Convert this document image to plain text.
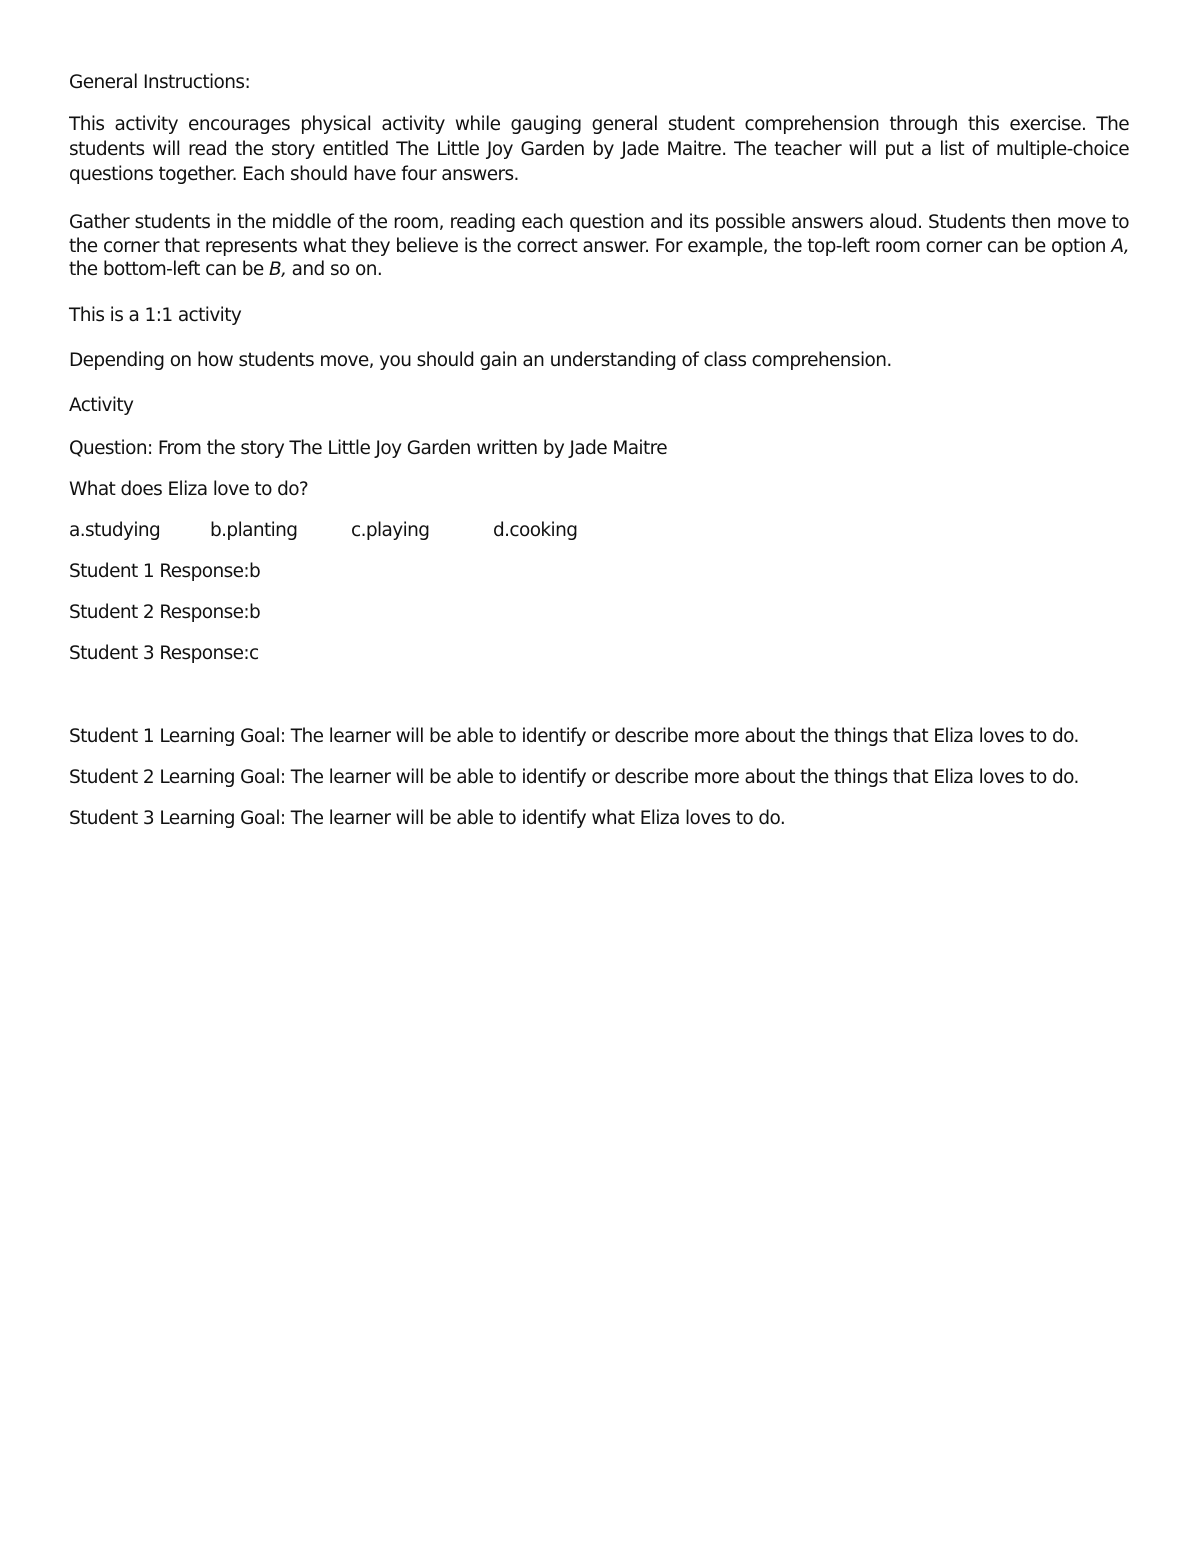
General Instructions:
This activity encourages physical activity while gauging general student comprehension through this exercise. The
students will read the story entitled The Little Joy Garden by Jade Maitre. The teacher will put a list of multiple-choice
questions together. Each should have four answers.
Gather students in the middle of the room, reading each question and its possible answers aloud. Students then move to
the corner that represents what they believe is the correct answer. For example, the top-left room corner can be option A,
the bottom-left can be B, and so on.
This is a 1:1 activity
Depending on how students move, you should gain an understanding of class comprehension.
Activity
Question: From the story The Little Joy Garden written by Jade Maitre
What does Eliza love to do?
a.studying	b.planting	c.playing	d.cooking
Student 1 Response:b
Student 2 Response:b
Student 3 Response:c
Student 1 Learning Goal: The learner will be able to identify or describe more about the things that Eliza loves to do.
Student 2 Learning Goal: The learner will be able to identify or describe more about the things that Eliza loves to do.
Student 3 Learning Goal: The learner will be able to identify what Eliza loves to do.
